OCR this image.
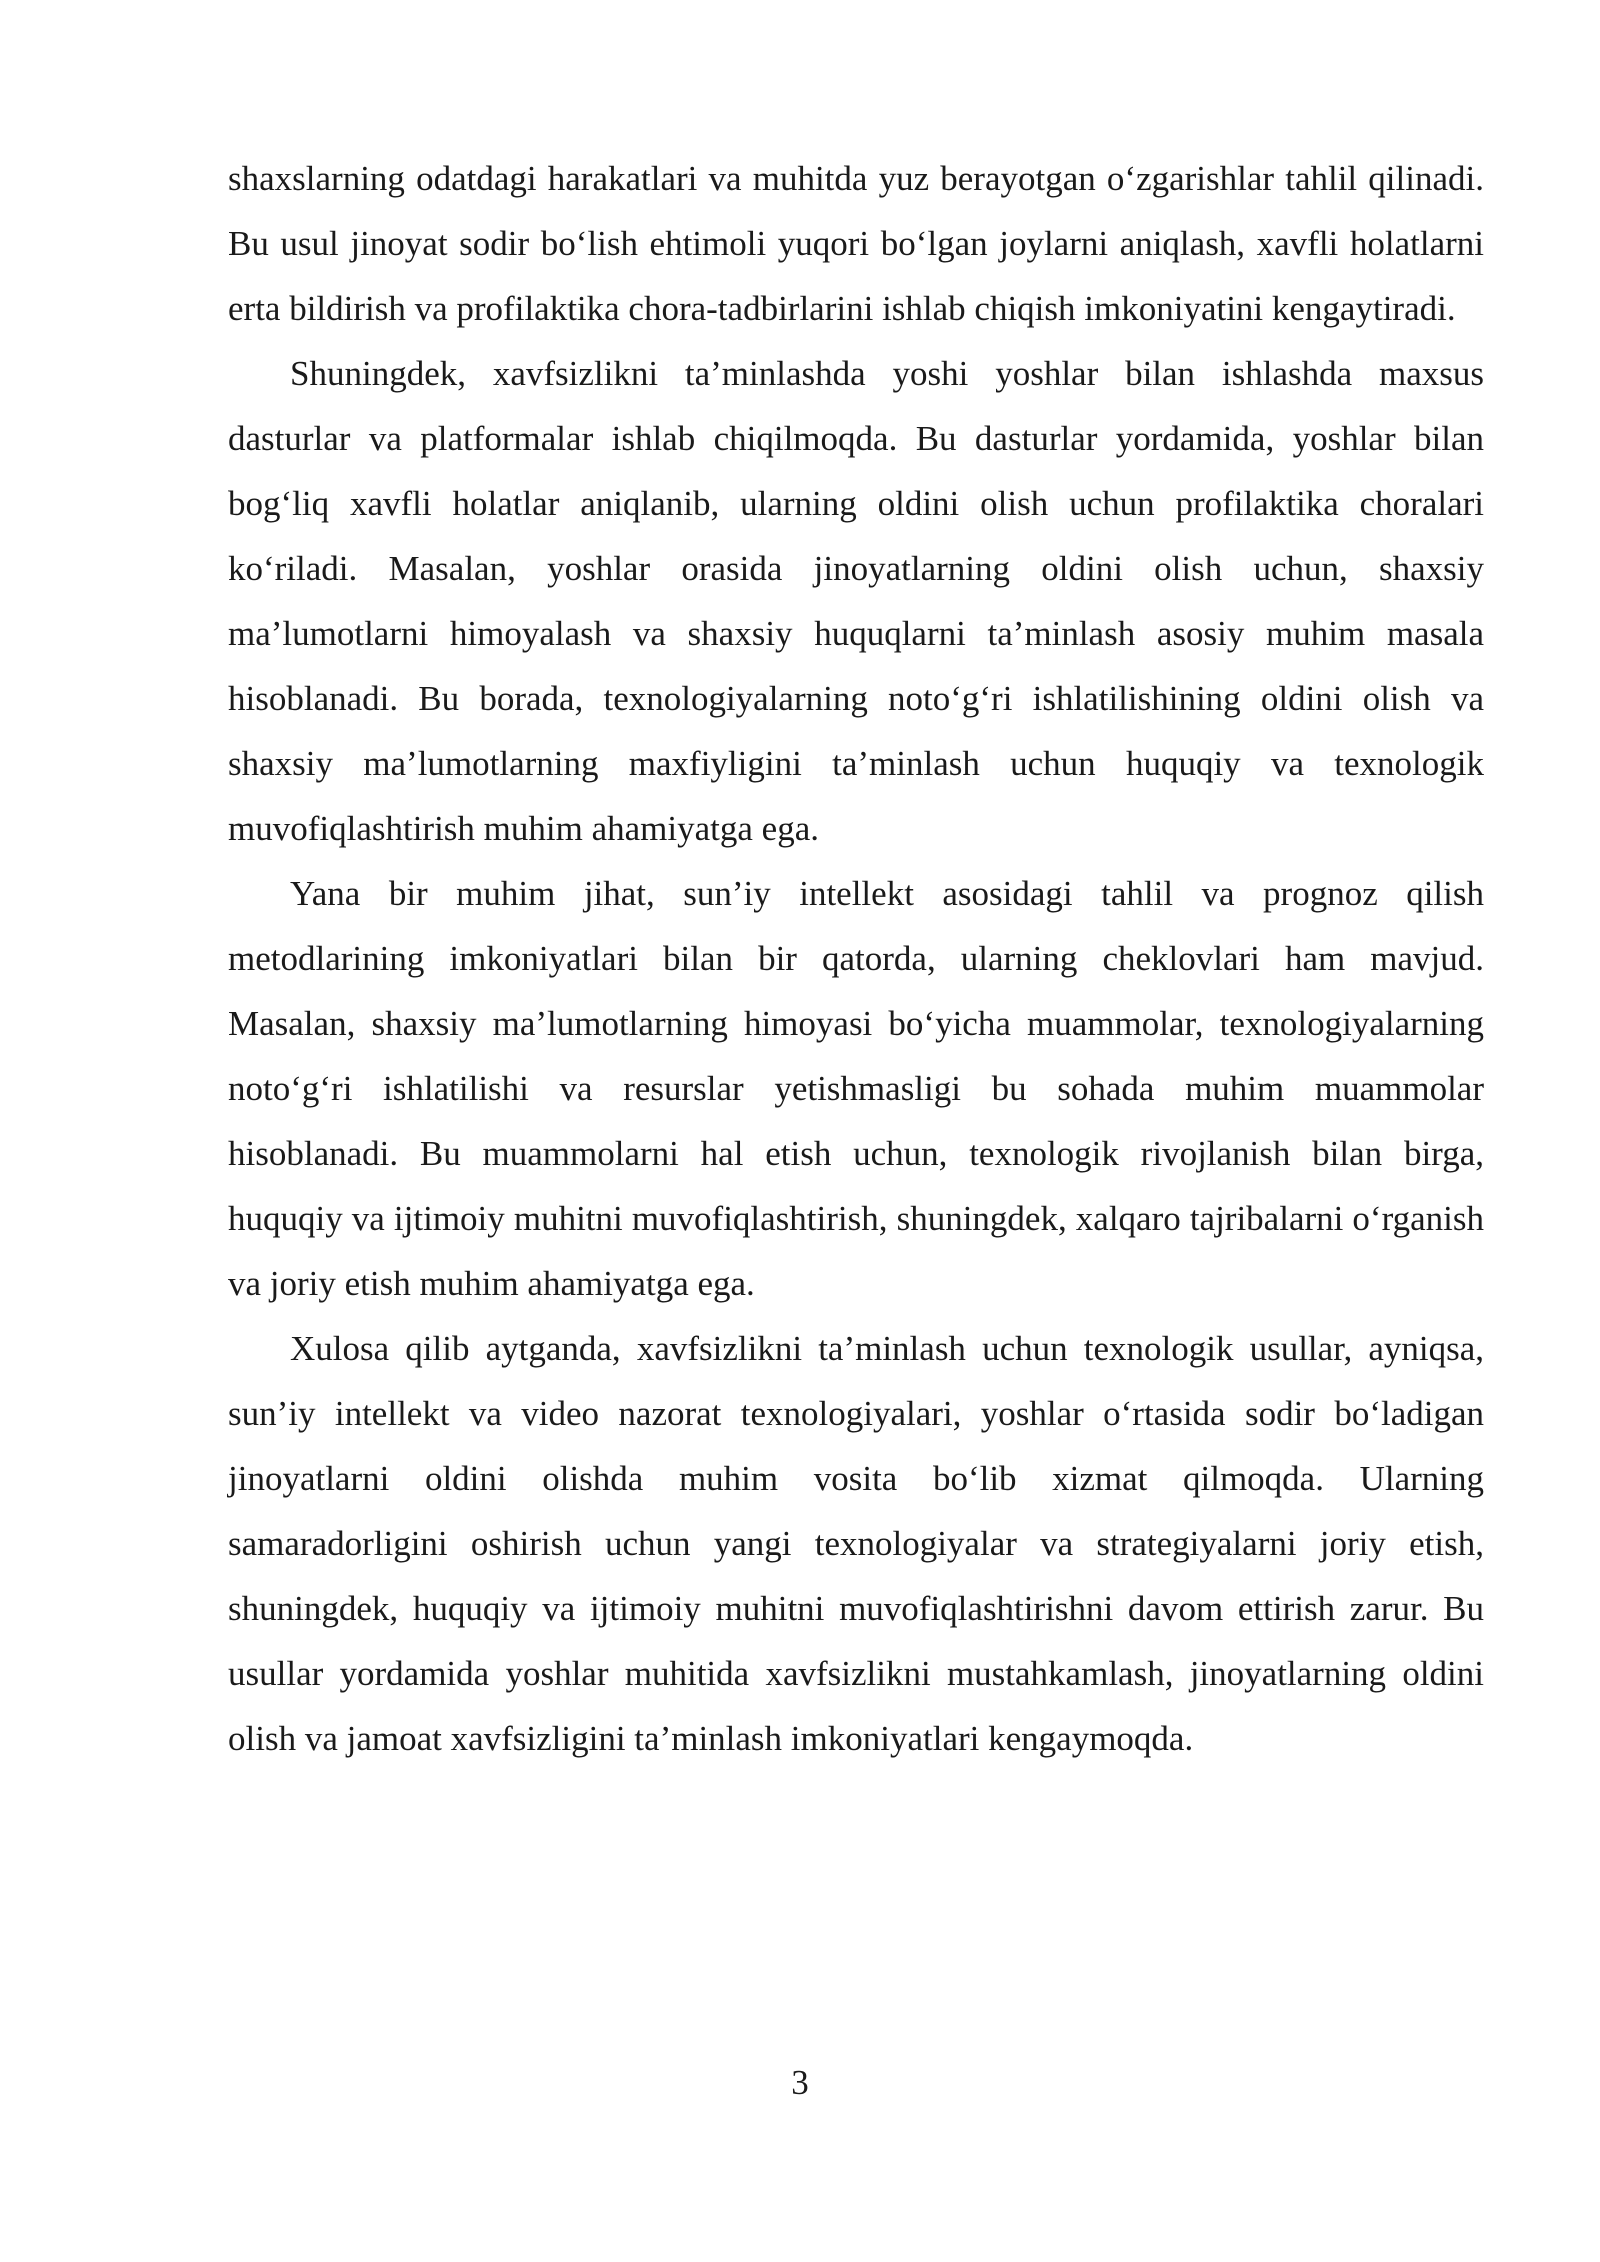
shaxslarning odatdagi harakatlari va muhitda yuz berayotgan o‘zgarishlar tahlil qilinadi. Bu usul jinoyat sodir bo‘lish ehtimoli yuqori bo‘lgan joylarni aniqlash, xavfli holatlarni erta bildirish va profilaktika chora-tadbirlarini ishlab chiqish imkoniyatini kengaytiradi.

Shuningdek, xavfsizlikni ta’minlashda yoshi yoshlar bilan ishlashda maxsus dasturlar va platformalar ishlab chiqilmoqda. Bu dasturlar yordamida, yoshlar bilan bog‘liq xavfli holatlar aniqlanib, ularning oldini olish uchun profilaktika choralari ko‘riladi. Masalan, yoshlar orasida jinoyatlarning oldini olish uchun, shaxsiy ma’lumotlarni himoyalash va shaxsiy huquqlarni ta’minlash asosiy muhim masala hisoblanadi. Bu borada, texnologiyalarning noto‘g‘ri ishlatilishining oldini olish va shaxsiy ma’lumotlarning maxfiyligini ta’minlash uchun huquqiy va texnologik muvofiqlashtirish muhim ahamiyatga ega.

Yana bir muhim jihat, sun’iy intellekt asosidagi tahlil va prognoz qilish metodlarining imkoniyatlari bilan bir qatorda, ularning cheklovlari ham mavjud. Masalan, shaxsiy ma’lumotlarning himoyasi bo‘yicha muammolar, texnologiyalarning noto‘g‘ri ishlatilishi va resurslar yetishmasligi bu sohada muhim muammolar hisoblanadi. Bu muammolarni hal etish uchun, texnologik rivojlanish bilan birga, huquqiy va ijtimoiy muhitni muvofiqlashtirish, shuningdek, xalqaro tajribalarni o‘rganish va joriy etish muhim ahamiyatga ega.

Xulosa qilib aytganda, xavfsizlikni ta’minlash uchun texnologik usullar, ayniqsa, sun’iy intellekt va video nazorat texnologiyalari, yoshlar o‘rtasida sodir bo‘ladigan jinoyatlarni oldini olishda muhim vosita bo‘lib xizmat qilmoqda. Ularning samaradorligini oshirish uchun yangi texnologiyalar va strategiyalarni joriy etish, shuningdek, huquqiy va ijtimoiy muhitni muvofiqlashtirishni davom ettirish zarur. Bu usullar yordamida yoshlar muhitida xavfsizlikni mustahkamlash, jinoyatlarning oldini olish va jamoat xavfsizligini ta’minlash imkoniyatlari kengaymoqda.

3
